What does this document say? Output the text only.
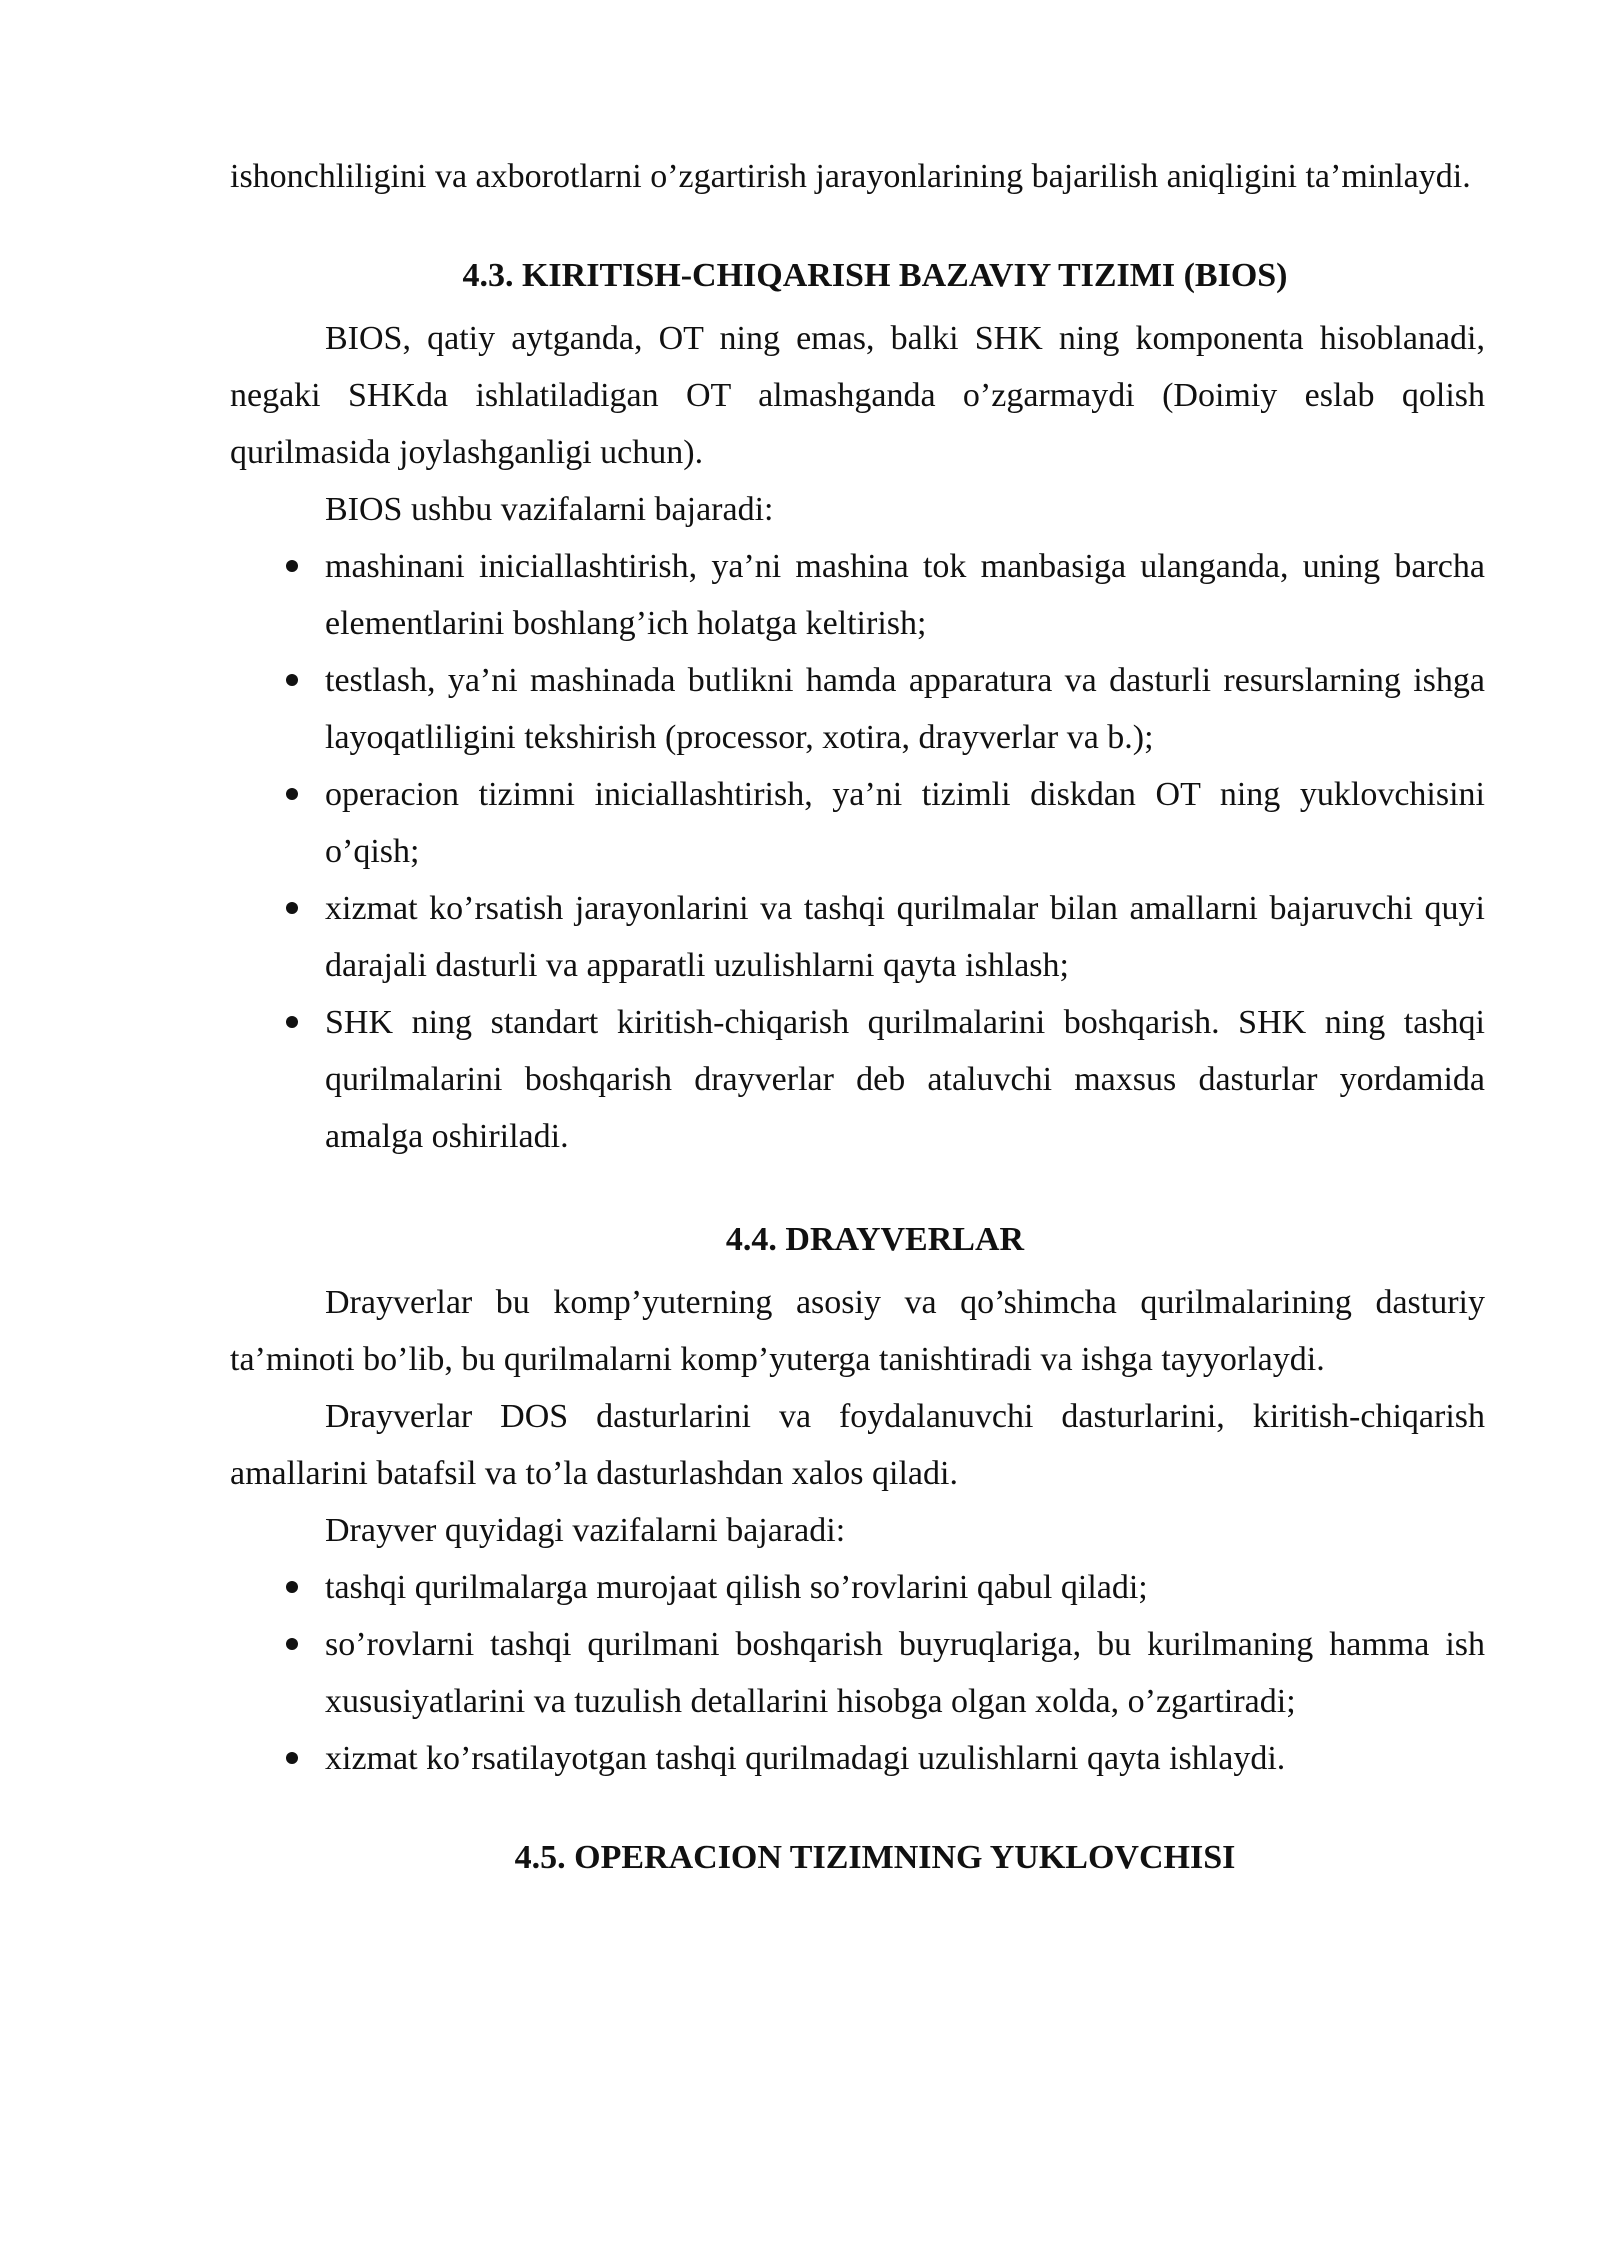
ishonchliligini va axborotlarni o’zgartirish jarayonlarining bajarilish aniqligini ta’minlaydi.

4.3. KIRITISH-CHIQARISH BAZAVIY TIZIMI (BIOS)

BIOS, qatiy aytganda, OT ning emas, balki SHK ning komponenta hisoblanadi, negaki SHKda ishlatiladigan OT almashganda o’zgarmaydi (Doimiy eslab qolish qurilmasida joylashganligi uchun).

BIOS ushbu vazifalarni bajaradi:

mashinani iniciallashtirish, ya’ni mashina tok manbasiga ulanganda, uning barcha elementlarini boshlang’ich holatga keltirish;
testlash, ya’ni mashinada butlikni hamda apparatura va dasturli resurslarning ishga layoqatliligini tekshirish (processor, xotira, drayverlar va b.);
operacion tizimni iniciallashtirish, ya’ni tizimli diskdan OT ning yuklovchisini o’qish;
xizmat ko’rsatish jarayonlarini va tashqi qurilmalar bilan amallarni bajaruvchi quyi darajali dasturli va apparatli uzulishlarni qayta ishlash;
SHK ning standart kiritish-chiqarish qurilmalarini boshqarish. SHK ning tashqi qurilmalarini boshqarish drayverlar deb ataluvchi maxsus dasturlar yordamida amalga oshiriladi.
4.4. DRAYVERLAR

Drayverlar bu komp’yuterning asosiy va qo’shimcha qurilmalarining dasturiy ta’minoti bo’lib, bu qurilmalarni komp’yuterga tanishtiradi va ishga tayyorlaydi.

Drayverlar DOS dasturlarini va foydalanuvchi dasturlarini, kiritish-chiqarish amallarini batafsil va to’la dasturlashdan xalos qiladi.

Drayver quyidagi vazifalarni bajaradi:

tashqi qurilmalarga murojaat qilish so’rovlarini qabul qiladi;
so’rovlarni tashqi qurilmani boshqarish buyruqlariga, bu kurilmaning hamma ish xususiyatlarini va tuzulish detallarini hisobga olgan xolda, o’zgartiradi;
xizmat ko’rsatilayotgan tashqi qurilmadagi uzulishlarni qayta ishlaydi.
4.5. OPERACION TIZIMNING YUKLOVCHISI
